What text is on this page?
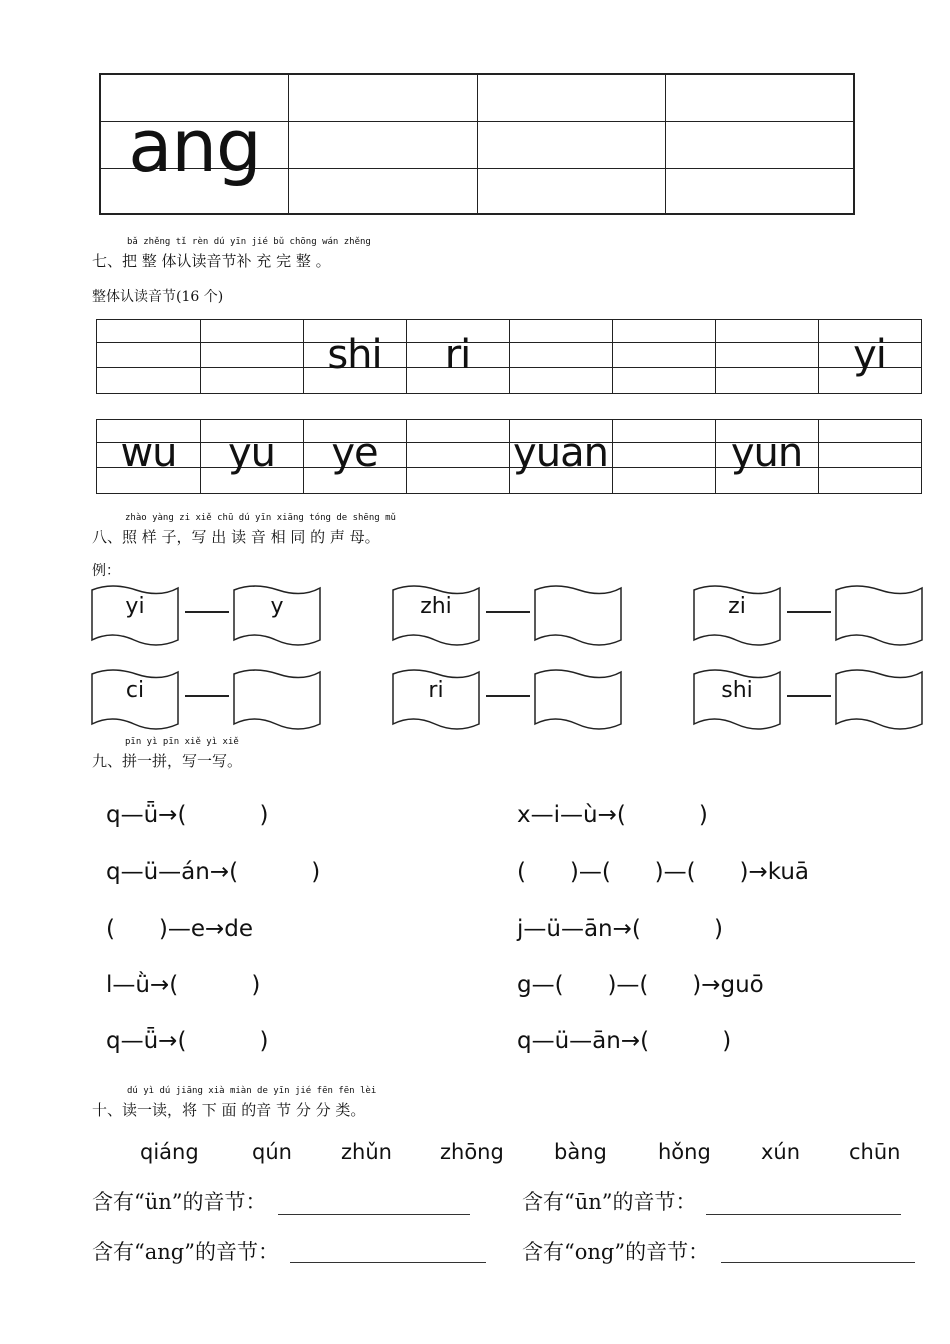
ang
bǎ zhěng tǐ rèn dú yīn jié bǔ chōng wán zhěng
七、把 整 体认读音节补 充 完 整 。
整体认读音节(16 个)
shi	ri	yi
wu	yu	ye	yuan	yun
zhào yàng zi xiě chū dú yīn xiāng tóng de shēng mǔ
八、照 样 子，写 出 读 音 相 同 的 声 母。
例：
yi	y	zhi	zi
ci	ri	shi
pīn yì pīn xiě yì xiě
九、拼一拼，写一写。
q—ǖ→(          )
q—ü—án→(          )
(      )—e→de
l—ǜ→(          )
q—ǖ→(          )
x—i—ù→(          )
(      )—(      )—(      )→kuā
j—ü—ān→(          )
g—(      )—(      )→guō
q—ü—ān→(          )
dú yì dú jiāng xià miàn de yīn jié fēn fēn lèi
十、读一读，将 下 面 的音 节 分 分 类。
qiáng	qún zhǔn zhōng bàng hǒng xún chūn
含有“ün”的音节：	含有“ūn”的音节：
含有“ang”的音节：	含有“ong”的音节：
